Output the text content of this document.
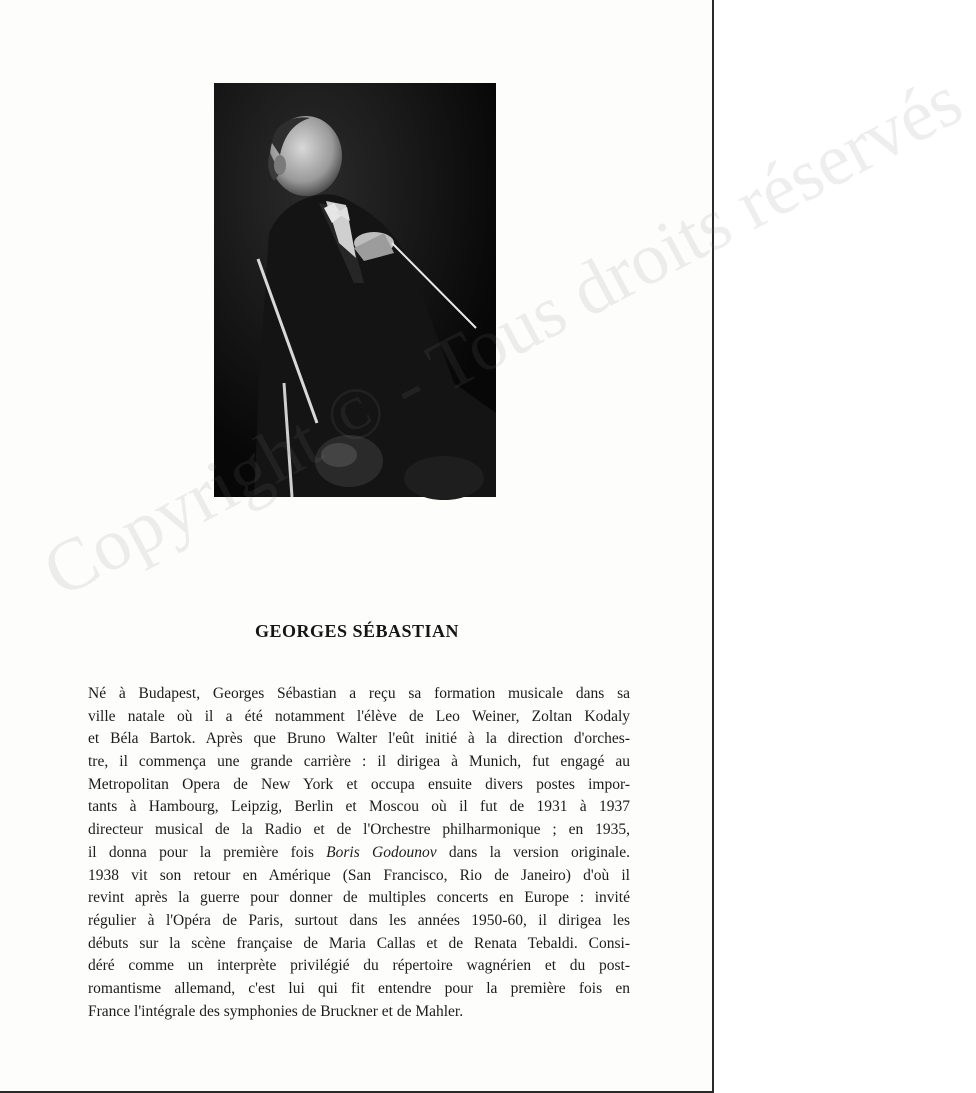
Copyright © - Tous droits réservés
GEORGES SÉBASTIAN
Né à Budapest, Georges Sébastian a reçu sa formation musicale dans sa
ville natale où il a été notamment l'élève de Leo Weiner, Zoltan Kodaly
et Béla Bartok. Après que Bruno Walter l'eût initié à la direction d'orches-
tre, il commença une grande carrière : il dirigea à Munich, fut engagé au
Metropolitan Opera de New York et occupa ensuite divers postes impor-
tants à Hambourg, Leipzig, Berlin et Moscou où il fut de 1931 à 1937
directeur musical de la Radio et de l'Orchestre philharmonique ; en 1935,
il donna pour la première fois Boris Godounov dans la version originale.
1938 vit son retour en Amérique (San Francisco, Rio de Janeiro) d'où il
revint après la guerre pour donner de multiples concerts en Europe : invité
régulier à l'Opéra de Paris, surtout dans les années 1950-60, il dirigea les
débuts sur la scène française de Maria Callas et de Renata Tebaldi. Consi-
déré comme un interprète privilégié du répertoire wagnérien et du post-
romantisme allemand, c'est lui qui fit entendre pour la première fois en
France l'intégrale des symphonies de Bruckner et de Mahler.
